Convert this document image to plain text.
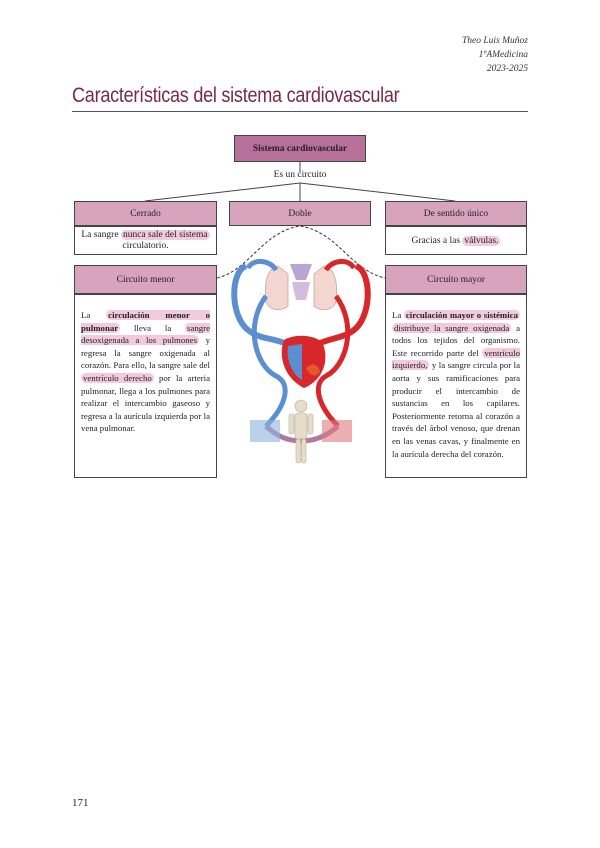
Theo Luis Muñoz
1ºAMedicina
2023-2025
Características del sistema cardiovascular
Sistema cardiovascular
Es un circuito
Cerrado	Doble	De sentido único
La sangre nunca sale del sistema circulatorio.	Gracias a las válvulas.
Circuito menor	Circuito mayor
La circulación menor o pulmonar lleva la sangre desoxigenada a los pulmones y regresa la sangre oxigenada al corazón. Para ello, la sangre sale del ventrículo derecho por la arteria pulmonar, llega a los pulmones para realizar el intercambio gaseoso y regresa a la aurícula izquierda por la vena pulmonar.
La circulación mayor o sistémica distribuye la sangre oxigenada a todos los tejidos del organismo. Este recorrido parte del ventrículo izquierdo, y la sangre circula por la aorta y sus ramificaciones para producir el intercambio de sustancias en los capilares. Posteriormente retorna al corazón a través del árbol venoso, que drenan en las venas cavas, y finalmente en la aurícula derecha del corazón.
171
